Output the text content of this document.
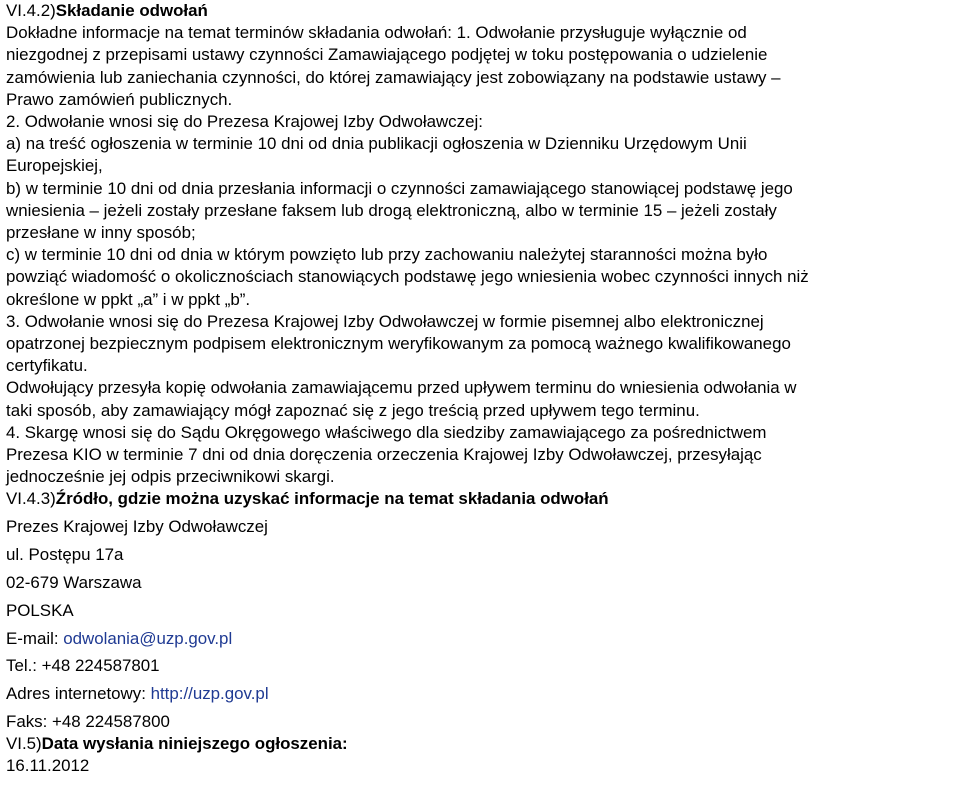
VI.4.2)Składanie odwołań
Dokładne informacje na temat terminów składania odwołań: 1. Odwołanie przysługuje wyłącznie od
niezgodnej z przepisami ustawy czynności Zamawiającego podjętej w toku postępowania o udzielenie
zamówienia lub zaniechania czynności, do której zamawiający jest zobowiązany na podstawie ustawy –
Prawo zamówień publicznych.
2. Odwołanie wnosi się do Prezesa Krajowej Izby Odwoławczej:
a) na treść ogłoszenia w terminie 10 dni od dnia publikacji ogłoszenia w Dzienniku Urzędowym Unii
Europejskiej,
b) w terminie 10 dni od dnia przesłania informacji o czynności zamawiającego stanowiącej podstawę jego
wniesienia – jeżeli zostały przesłane faksem lub drogą elektroniczną, albo w terminie 15 – jeżeli zostały
przesłane w inny sposób;
c) w terminie 10 dni od dnia w którym powzięto lub przy zachowaniu należytej staranności można było
powziąć wiadomość o okolicznościach stanowiących podstawę jego wniesienia wobec czynności innych niż
określone w ppkt „a” i w ppkt „b”.
3. Odwołanie wnosi się do Prezesa Krajowej Izby Odwoławczej w formie pisemnej albo elektronicznej
opatrzonej bezpiecznym podpisem elektronicznym weryfikowanym za pomocą ważnego kwalifikowanego
certyfikatu.
Odwołujący przesyła kopię odwołania zamawiającemu przed upływem terminu do wniesienia odwołania w
taki sposób, aby zamawiający mógł zapoznać się z jego treścią przed upływem tego terminu.
4. Skargę wnosi się do Sądu Okręgowego właściwego dla siedziby zamawiającego za pośrednictwem
Prezesa KIO w terminie 7 dni od dnia doręczenia orzeczenia Krajowej Izby Odwoławczej, przesyłając
jednocześnie jej odpis przeciwnikowi skargi.
VI.4.3)Źródło, gdzie można uzyskać informacje na temat składania odwołań
Prezes Krajowej Izby Odwoławczej
ul. Postępu 17a
02-679 Warszawa
POLSKA
E-mail: odwolania@uzp.gov.pl
Tel.: +48 224587801
Adres internetowy: http://uzp.gov.pl
Faks: +48 224587800
VI.5)Data wysłania niniejszego ogłoszenia:
16.11.2012
